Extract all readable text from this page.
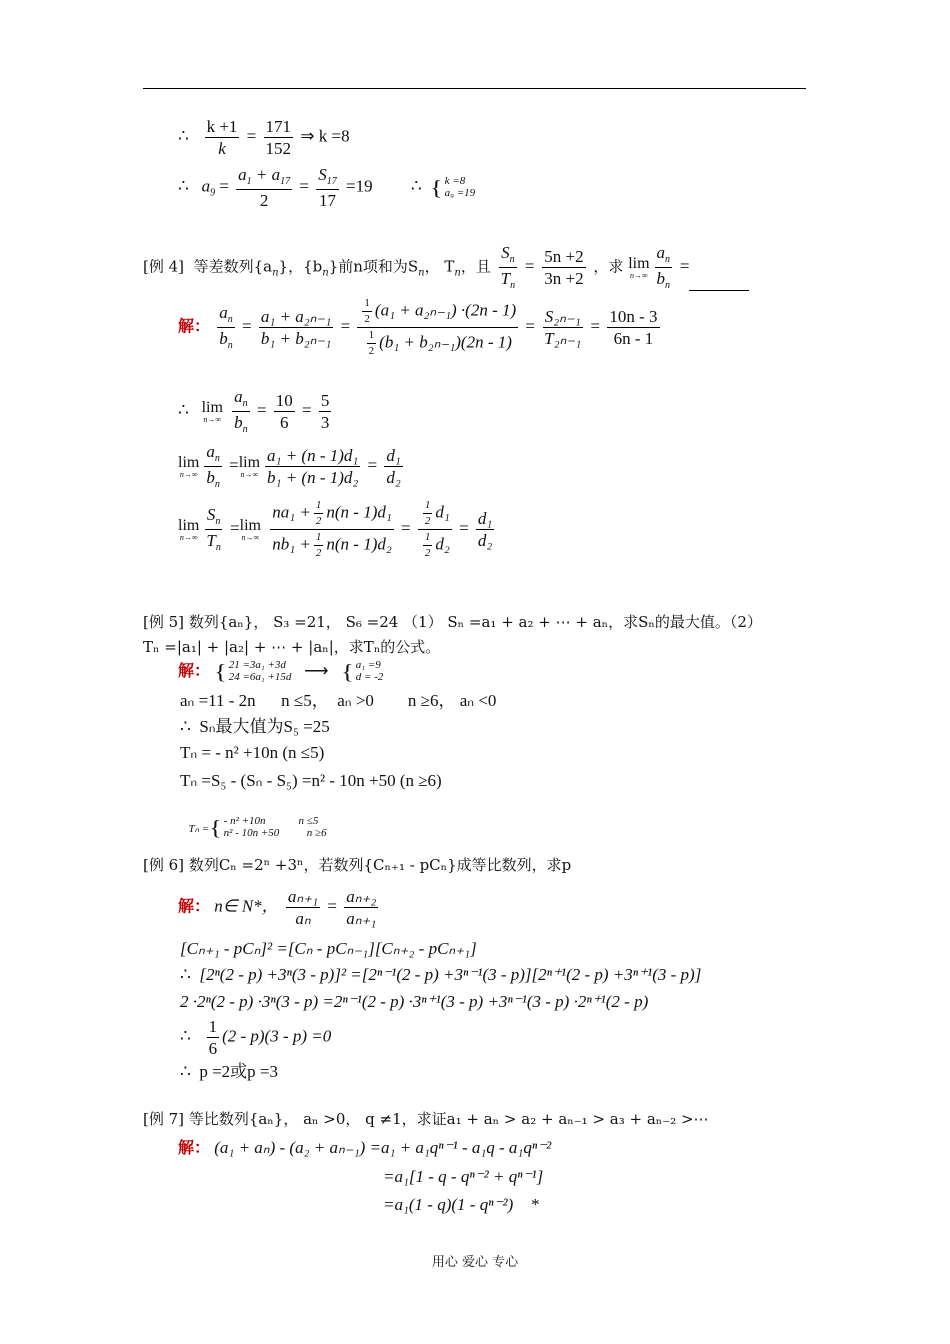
∴ $\frac{k +1}{k} = \frac{171}{152}$ ⇒ k =8
∴ $a_9 = \frac{a_1 + a_{17}}{2} = \frac{S_{17}}{17} =19$ ∴ { k =8
a₉ =19
[例 4] 等差数列$\{a_n\}$，$\{b_n\}$前n项和为$S_n$， $T_n$，且 $\frac{S_n}{T_n} = \frac{5n +2}{3n +2}$ ，求 lim
$n\to\infty \frac{a_n}{b_n}$ =
解： $\frac{a_n}{b_n} = \frac{\text{a₁ + a₂ₙ₋₁}}{\text{b₁ + b₂ₙ₋₁}} = \frac{\frac{1}{2} (a_1 + a_{2n-1}) \cdot(2n - 1)}{\frac{1}{2} (b_1 + b_{2n-1})(2n - 1)} = \frac{\text{S₂ₙ₋₁}}{\text{T₂ₙ₋₁}} = \frac{10n - 3}{6n - 1}$
∴ lim
n→∞
$\frac{a_n}{b_n} = \frac{10}{6} = \frac{5}{3}$
lim
$n\to\infty \frac{a_n}{b_n} = \lim$
$n\to\infty \frac{\text{a₁ + (n - 1)d₁}}{\text{b₁ + (n - 1)d₂}} = \frac{\text{d₁}}{\text{d₂}}$
lim
$n\to\infty \frac{S_n}{T_n} = \lim$
n→∞
$\frac{na_1 + \frac{1}{2} n(n - 1)d_1}{nb_1 + \frac{1}{2} n(n - 1)d_2} = \frac{\frac{1}{2} d_1}{\frac{1}{2} d_2} = \frac{\text{d₁}}{\text{d₂}}$
[例 5] 数列{aₙ}， S₃ =21， S₆ =24 （1） Sₙ =a₁ + a₂ + ⋯ + aₙ，求Sₙ的最大值。（2）
Tₙ =|a₁| + |a₂| + ⋯ + |aₙ|，求Tₙ的公式。
解： { 21 =3a₁ +3d
24 =6a₁ +15d ⟶ { a₁ =9
d = -2
aₙ =11 - 2n      n ≤5，  aₙ >0        n ≥6， aₙ <0
∴ Sₙ最大值为S₅ =25
Tₙ = - n² +10n (n ≤5)
Tₙ =S₅ - (Sₙ - S₅) =n² - 10n +50 (n ≥6)

Tₙ ={ - n² +10n            n ≤5
n² - 10n +50          n ≥6

[例 6] 数列Cₙ =2ⁿ +3ⁿ，若数列{Cₙ₊₁ - pCₙ}成等比数列，求p
解： n∈ N*， $\frac{\text{aₙ₊₁}}{\text{aₙ}} = \frac{\text{aₙ₊₂}}{\text{aₙ₊₁}}$
[Cₙ₊₁ - pCₙ]² =[Cₙ - pCₙ₋₁][Cₙ₊₂ - pCₙ₊₁]
∴ [2ⁿ(2 - p) +3ⁿ(3 - p)]² =[2ⁿ⁻¹(2 - p) +3ⁿ⁻¹(3 - p)][2ⁿ⁺¹(2 - p) +3ⁿ⁺¹(3 - p)]
2 ·2ⁿ(2 - p) ·3ⁿ(3 - p) =2ⁿ⁻¹(2 - p) ·3ⁿ⁺¹(3 - p) +3ⁿ⁻¹(3 - p) ·2ⁿ⁺¹(2 - p)
∴ $\frac{1}{6} (2 - p)(3 - p) =0$
∴ p =2或p =3
[例 7] 等比数列{aₙ}， aₙ >0， q ≠1，求证a₁ + aₙ > a₂ + aₙ₋₁ > a₃ + aₙ₋₂ >⋯
解： (a₁ + aₙ) - (a₂ + aₙ₋₁) =a₁ + a₁qⁿ⁻¹ - a₁q - a₁qⁿ⁻²
=a₁[1 - q - qⁿ⁻² + qⁿ⁻¹]
=a₁(1 - q)(1 - qⁿ⁻²)    *
用心 爱心 专心
